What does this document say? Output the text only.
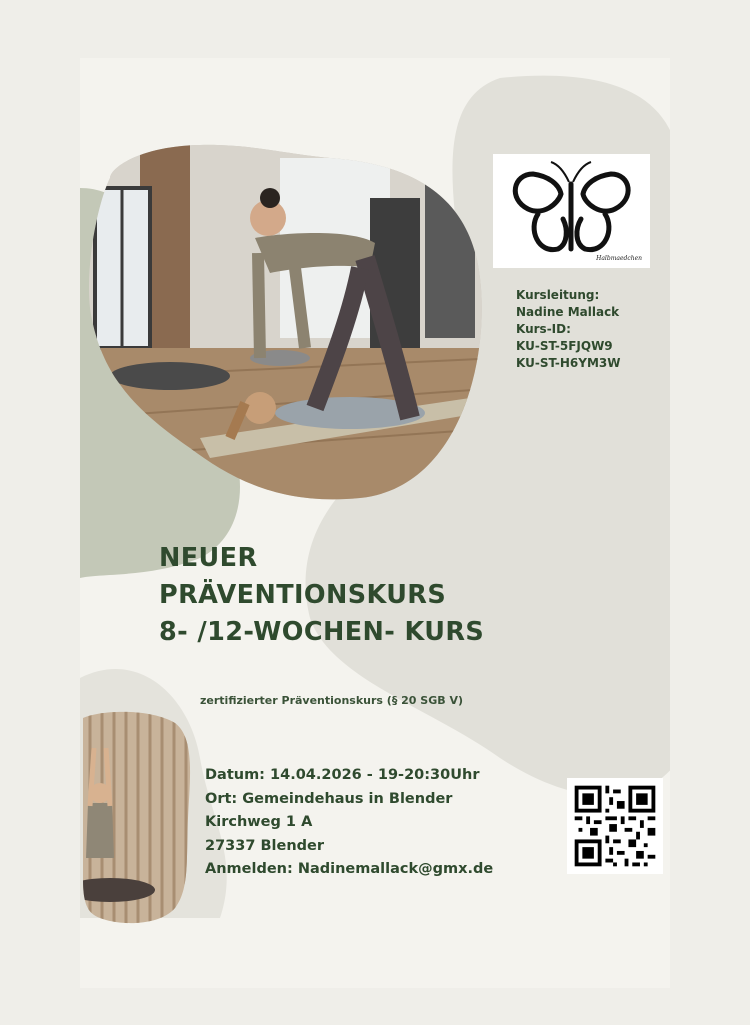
Halbmaedchen
Kursleitung:
Nadine Mallack
Kurs-ID:
KU-ST-5FJQW9
KU-ST-H6YM3W
NEUER
PRÄVENTIONSKURS
8- /12-WOCHEN- KURS
zertifizierter Präventionskurs (§ 20 SGB V)
Datum: 14.04.2026 - 19-20:30Uhr
Ort: Gemeindehaus in Blender
Kirchweg 1 A
27337 Blender
Anmelden: Nadinemallack@gmx.de
